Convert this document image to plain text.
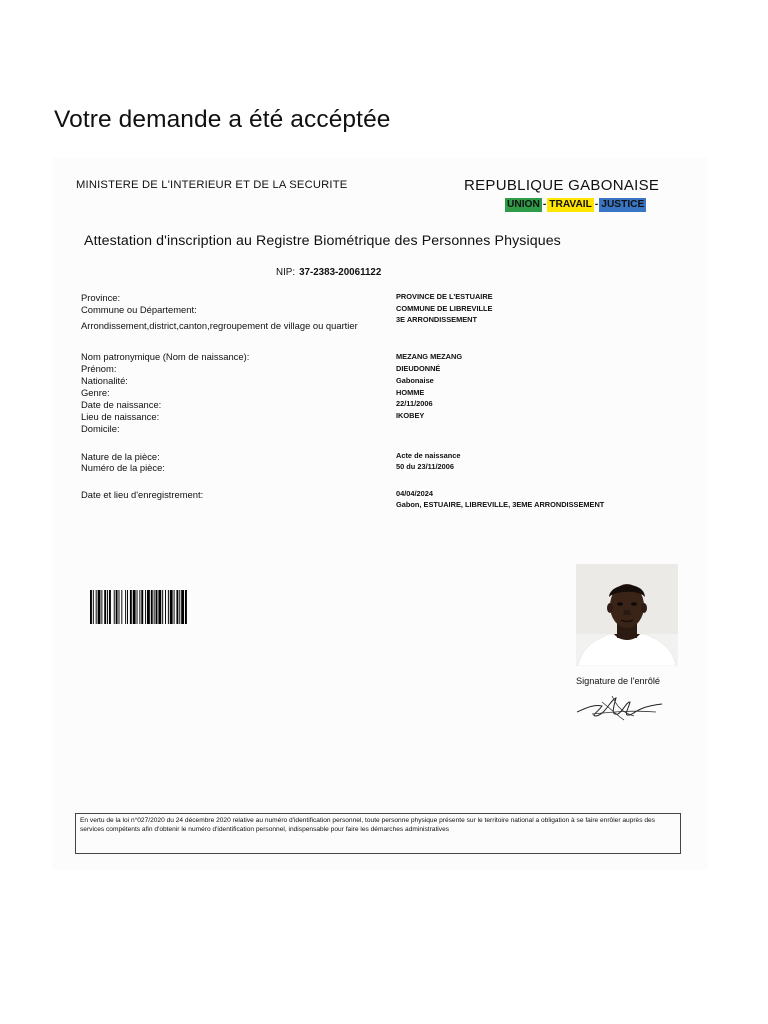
Votre demande a été accéptée
MINISTERE DE L'INTERIEUR ET DE LA SECURITE	REPUBLIQUE GABONAISE
UNION - TRAVAIL - JUSTICE
Attestation d'inscription au Registre Biométrique des Personnes Physiques
NIP: 37-2383-20061122
Province:
Commune ou Département:
Arrondissement,district,canton,regroupement de village ou quartier
Nom patronymique (Nom de naissance):
Prénom:
Nationalité:
Genre:
Date de naissance:
Lieu de naissance:
Domicile:
Nature de la pièce:
Numéro de la pièce:
Date et lieu d'enregistrement:
PROVINCE DE L'ESTUAIRE
COMMUNE DE LIBREVILLE
3E ARRONDISSEMENT
MEZANG MEZANG
DIEUDONNÉ
Gabonaise
HOMME
22/11/2006
IKOBEY
Acte de naissance
50 du 23/11/2006
04/04/2024
Gabon, ESTUAIRE, LIBREVILLE, 3EME ARRONDISSEMENT
Signature de l'enrôlé
En vertu de la loi n°027/2020 du 24 décembre 2020 relative au numéro d'identification personnel, toute personne physique présente sur le territoire national a obligation à se faire enrôler auprès des services compétents afin d'obtenir le numéro d'identification personnel, indispensable pour faire les démarches administratives
